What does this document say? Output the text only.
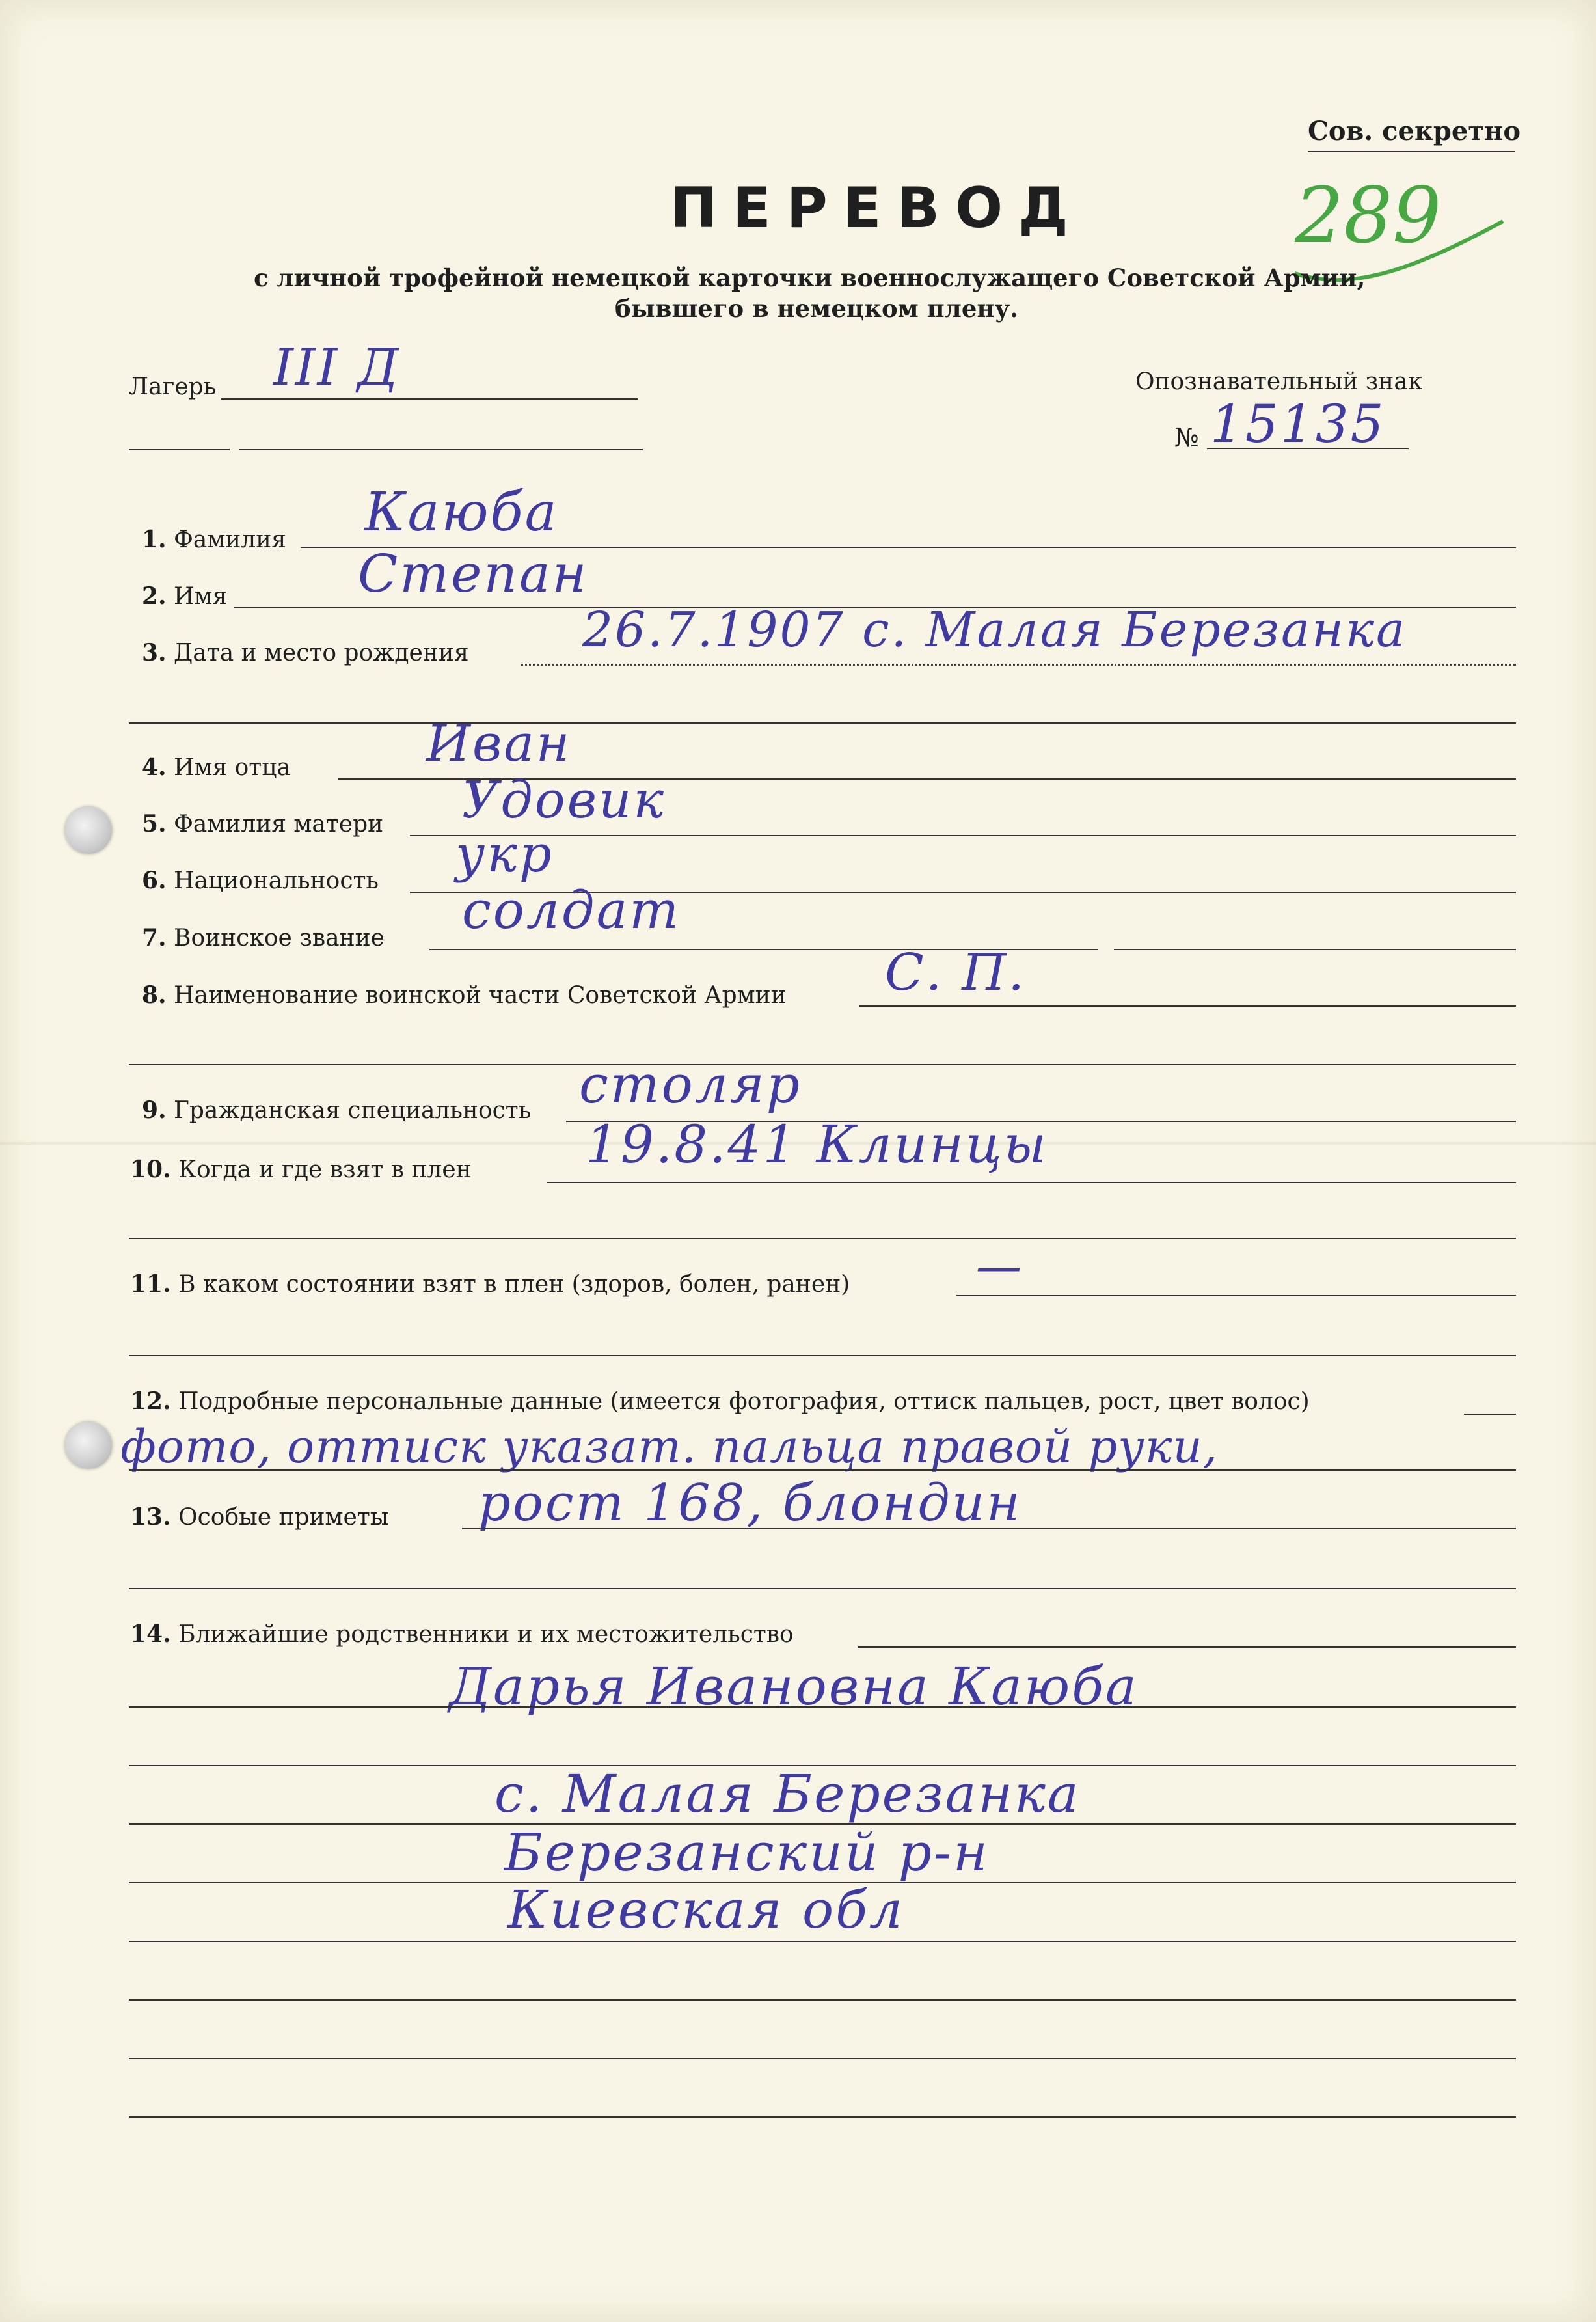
Сов. секретно
289
ПЕРЕВОД
с личной трофейной немецкой карточки военнослужащего Советской Армии,
бывшего в немецком плену.
Лагерь III Д	Опознавательный знак
№ 15135
1. Фамилия Каюба
2. Имя	Степан
3. Дата и место рождения 26.7.1907 с. Малая Березанка
4. Имя отца	Иван
5. Фамилия матери Удовик
6. Национальность укр
7. Воинское звание солдат
8. Наименование воинской части Советской Армии С. П.
9. Гражданская специальность столяр
10. Когда и где взят в плен 19.8.41 Клинцы
11. В каком состоянии взят в плен (здоров, болен, ранен)	—
12. Подробные персональные данные (имеется фотография, оттиск пальцев, рост, цвет волос)
фото, оттиск указат. пальца правой руки,
13. Особые приметы рост 168, блондин
14. Ближайшие родственники и их местожительство
Дарья Ивановна Каюба
с. Малая Березанка
Березанский р-н
Киевская обл
